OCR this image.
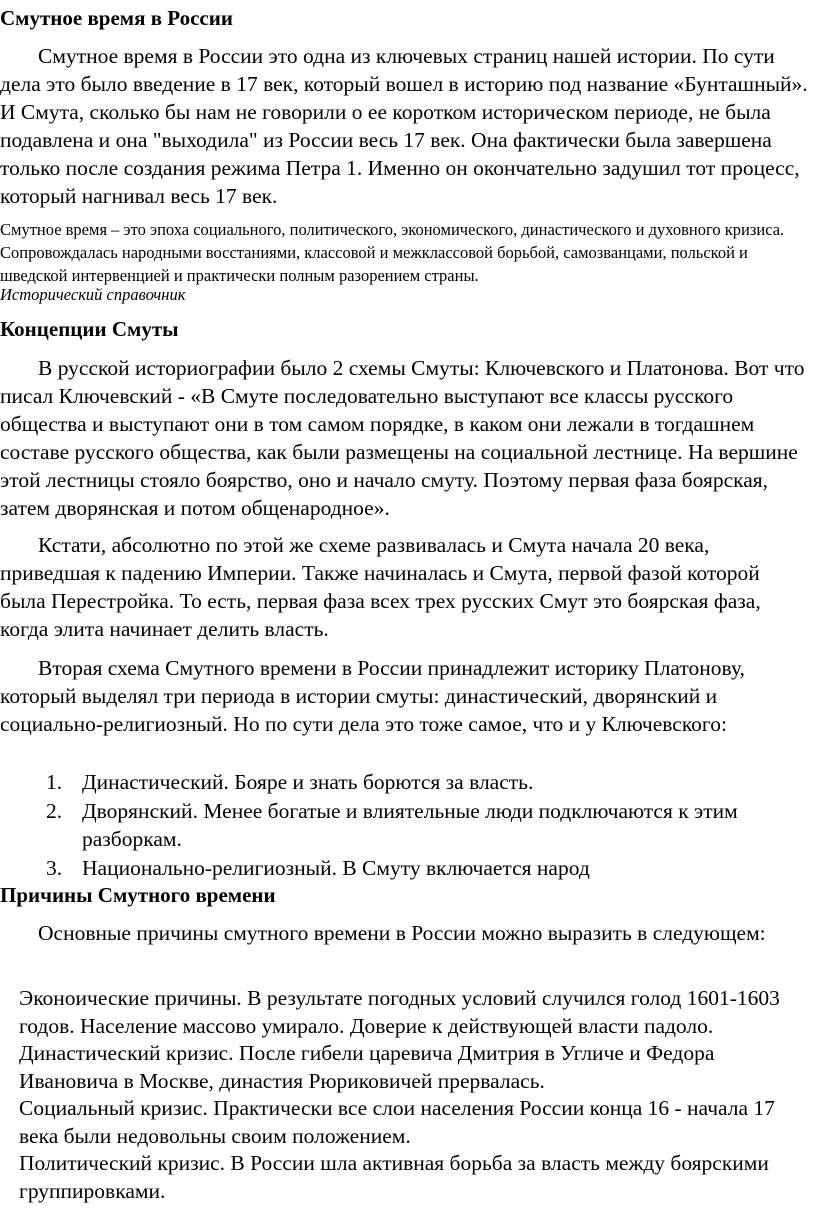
Смутное время в России

Смутное время в России это одна из ключевых страниц нашей истории. По сути дела это было введение в 17 век, который вошел в историю под название «Бунташный». И Смута, сколько бы нам не говорили о ее коротком историческом периоде, не была подавлена и она "выходила" из России весь 17 век. Она фактически была завершена только после создания режима Петра 1. Именно он окончательно задушил тот процесс, который нагнивал весь 17 век.

Смутное время – это эпоха социального, политического, экономического, династического и духовного кризиса. Сопровождалась народными восстаниями, классовой и межклассовой борьбой, самозванцами, польской и шведской интервенцией и практически полным разорением страны.

Исторический справочник

Концепции Смуты

В русской историографии было 2 схемы Смуты: Ключевского и Платонова. Вот что писал Ключевский - «В Смуте последовательно выступают все классы русского общества и выступают они в том самом порядке, в каком они лежали в тогдашнем составе русского общества, как были размещены на социальной лестнице. На вершине этой лестницы стояло боярство, оно и начало смуту. Поэтому первая фаза боярская, затем дворянская и потом общенародное».

Кстати, абсолютно по этой же схеме развивалась и Смута начала 20 века, приведшая к падению Империи. Также начиналась и Смута, первой фазой которой была Перестройка. То есть, первая фаза всех трех русских Смут это боярская фаза, когда элита начинает делить власть.

Вторая схема Смутного времени в России принадлежит историку Платонову, который выделял три периода в истории смуты: династический, дворянский и социально-религиозный. Но по сути дела это тоже самое, что и у Ключевского:

1. Династический. Бояре и знать борются за власть.
2. Дворянский. Менее богатые и влиятельные люди подключаются к этим разборкам.
3. Национально-религиозный. В Смуту включается народ
Причины Смутного времени

Основные причины смутного времени в России можно выразить в следующем:

Эконоические причины. В результате погодных условий случился голод 1601-1603 годов. Население массово умирало. Доверие к действующей власти падоло.

Династический кризис. После гибели царевича Дмитрия в Угличе и Федора Ивановича в Москве, династия Рюриковичей прервалась.

Социальный кризис. Практически все слои населения России конца 16 - начала 17 века были недовольны своим положением.

Политический кризис. В России шла активная борьба за власть между боярскими группировками.
